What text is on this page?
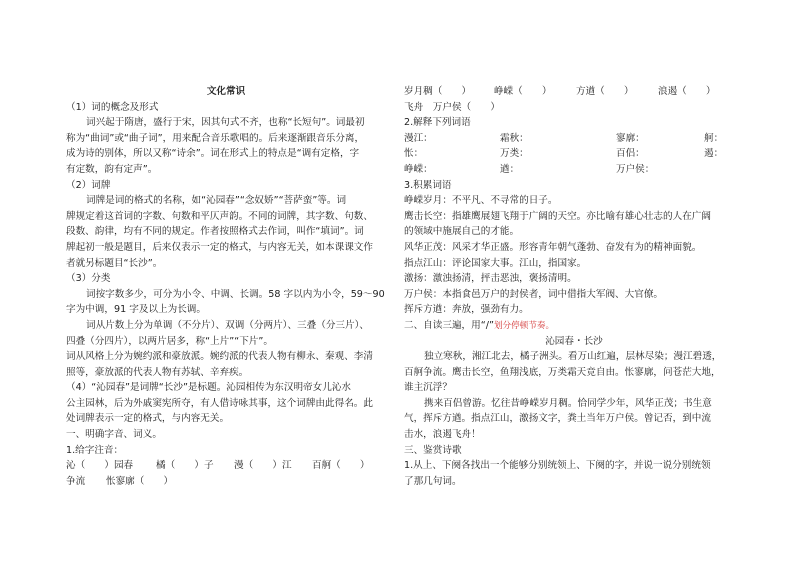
文化常识
（1）词的概念及形式
词兴起于隋唐，盛行于宋，因其句式不齐，也称“长短句”。词最初
称为“曲词”或“曲子词”，用来配合音乐歌唱的。后来逐渐跟音乐分离，
成为诗的别体，所以又称“诗余”。词在形式上的特点是“调有定格，字
有定数，韵有定声”。
（2）词牌
词牌是词的格式的名称，如“沁园春”“念奴娇”“菩萨蛮”等。词
牌规定着这首词的字数、句数和平仄声韵。不同的词牌，其字数、句数、
段数、韵律，均有不同的规定。作者按照格式去作词，叫作“填词”。词
牌起初一般是题目，后来仅表示一定的格式，与内容无关，如本课课文作
者就另标题目“长沙”。
（3）分类
词按字数多少，可分为小令、中调、长调。58 字以内为小令，59～90
字为中调，91 字及以上为长调。
词从片数上分为单调（不分片）、双调（分两片）、三叠（分三片）、
四叠（分四片），以两片居多，称“上片”“下片”。
词从风格上分为婉约派和豪放派。婉约派的代表人物有柳永、秦观、李清
照等，豪放派的代表人物有苏轼、辛弃疾。
（4）“沁园春”是词牌“长沙”是标题。沁园相传为东汉明帝女儿沁水
公主园林，后为外戚窦宪所夺，有人借诗咏其事，这个词牌由此得名。此
处词牌表示一定的格式，与内容无关。
一、明确字音、词义。
1.给字注音：
沁（　　）园春	橘（　　）子	漫（　　）江	百舸（　　）
争流	怅寥廓（　　）
岁月稠（　　）	峥嵘（　　）	方遒（　　）	浪遏（　　）
飞舟　万户侯（　　）
2.解释下列词语
漫江：	霜秋：	寥廓：	舸：
怅：	万类：	百侣：	遏：
峥嵘：	遒：	万户侯：
3.积累词语
峥嵘岁月：不平凡、不寻常的日子。
鹰击长空：指雄鹰展翅飞翔于广阔的天空。亦比喻有雄心壮志的人在广阔
的领域中施展自己的才能。
风华正茂：风采才华正盛。形容青年朝气蓬勃、奋发有为的精神面貌。
指点江山：评论国家大事。江山，指国家。
激扬：激浊扬清，抨击恶浊，褒扬清明。
万户侯：本指食邑万户的封侯者，词中借指大军阀、大官僚。
挥斥方遒：奔放，强劲有力。
二、自读三遍，用“/”划分停顿节奏。
沁园春・长沙
独立寒秋，湘江北去，橘子洲头。看万山红遍，层林尽染；漫江碧透，
百舸争流。鹰击长空，鱼翔浅底，万类霜天竞自由。怅寥廓，问苍茫大地，
谁主沉浮？
携来百侣曾游。忆往昔峥嵘岁月稠。恰同学少年，风华正茂；书生意
气，挥斥方遒。指点江山，激扬文字，粪土当年万户侯。曾记否，到中流
击水，浪遏飞舟！
三、鉴赏诗歌
1.从上、下阕各找出一个能够分别统领上、下阕的字，并说一说分别统领
了那几句词。
